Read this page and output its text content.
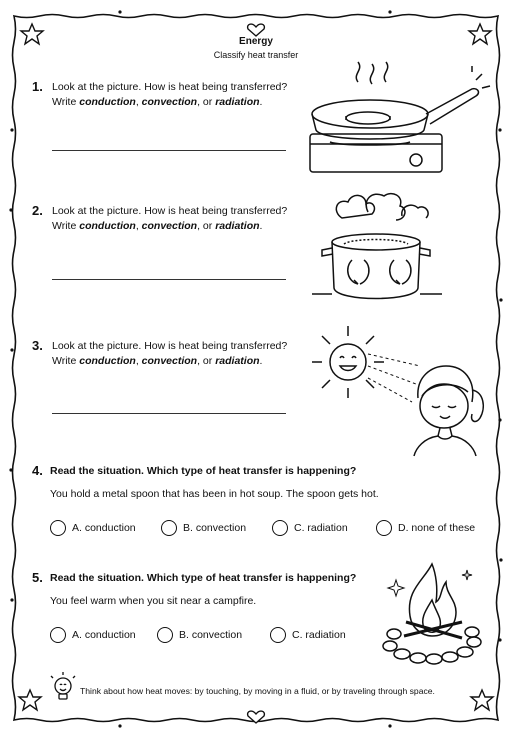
Energy
Classify heat transfer
1. Look at the picture. How is heat being transferred?
Write conduction, convection, or radiation.
2. Look at the picture. How is heat being transferred?
Write conduction, convection, or radiation.
3. Look at the picture. How is heat being transferred?
Write conduction, convection, or radiation.
4. Read the situation. Which type of heat transfer is happening?
You hold a metal spoon that has been in hot soup. The spoon gets hot.
A. conduction	B. convection	C. radiation	D. none of these
5. Read the situation. Which type of heat transfer is happening?
You feel warm when you sit near a campfire.
A. conduction	B. convection	C. radiation
Think about how heat moves: by touching, by moving in a fluid, or by traveling through space.
